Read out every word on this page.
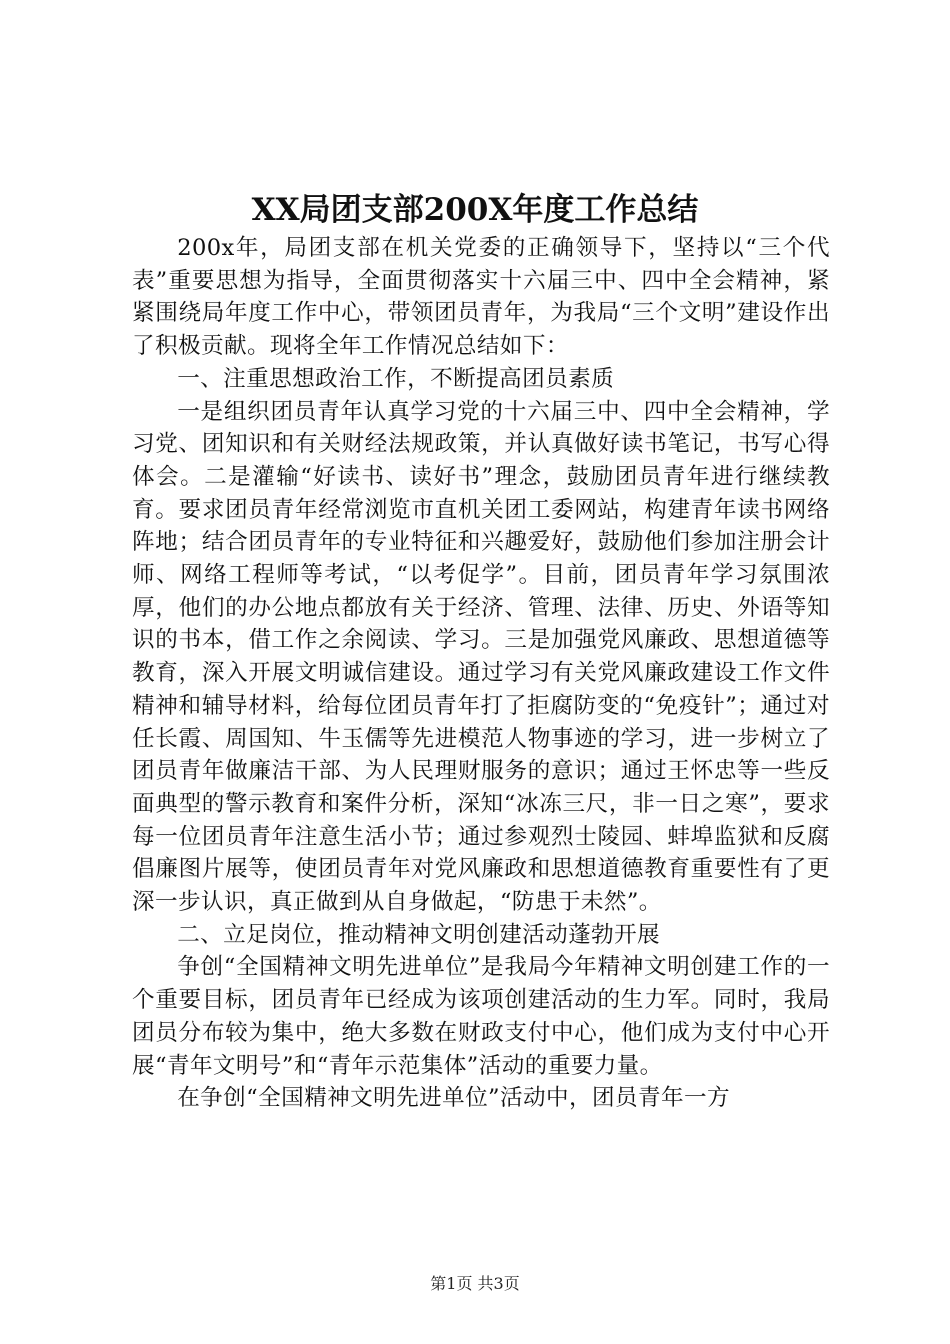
XX局团支部200X年度工作总结

200x年，局团支部在机关党委的正确领导下，坚持以“三个代表”重要思想为指导，全面贯彻落实十六届三中、四中全会精神，紧紧围绕局年度工作中心，带领团员青年，为我局“三个文明”建设作出了积极贡献。现将全年工作情况总结如下：

一、注重思想政治工作，不断提高团员素质

一是组织团员青年认真学习党的十六届三中、四中全会精神，学习党、团知识和有关财经法规政策，并认真做好读书笔记，书写心得体会。二是灌输“好读书、读好书”理念，鼓励团员青年进行继续教育。要求团员青年经常浏览市直机关团工委网站，构建青年读书网络阵地；结合团员青年的专业特征和兴趣爱好，鼓励他们参加注册会计师、网络工程师等考试，“以考促学”。目前，团员青年学习氛围浓厚，他们的办公地点都放有关于经济、管理、法律、历史、外语等知识的书本，借工作之余阅读、学习。三是加强党风廉政、思想道德等教育，深入开展文明诚信建设。通过学习有关党风廉政建设工作文件精神和辅导材料，给每位团员青年打了拒腐防变的“免疫针”；通过对任长霞、周国知、牛玉儒等先进模范人物事迹的学习，进一步树立了团员青年做廉洁干部、为人民理财服务的意识；通过王怀忠等一些反面典型的警示教育和案件分析，深知“冰冻三尺，非一日之寒”，要求每一位团员青年注意生活小节；通过参观烈士陵园、蚌埠监狱和反腐倡廉图片展等，使团员青年对党风廉政和思想道德教育重要性有了更深一步认识，真正做到从自身做起，“防患于未然”。

二、立足岗位，推动精神文明创建活动蓬勃开展

争创“全国精神文明先进单位”是我局今年精神文明创建工作的一个重要目标，团员青年已经成为该项创建活动的生力军。同时，我局团员分布较为集中，绝大多数在财政支付中心，他们成为支付中心开展“青年文明号”和“青年示范集体”活动的重要力量。

在争创“全国精神文明先进单位”活动中，团员青年一方

第1页 共3页
